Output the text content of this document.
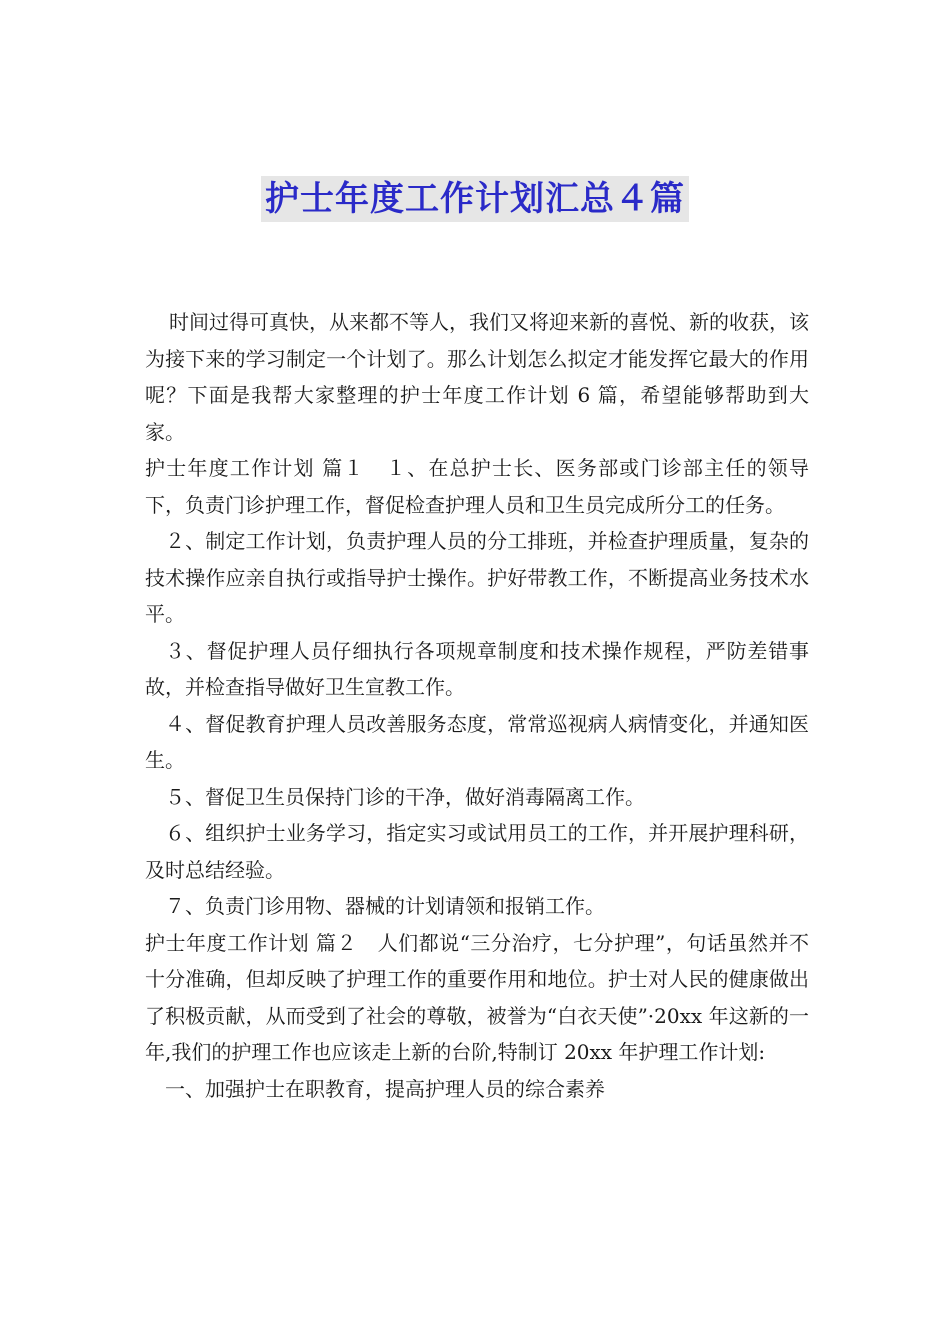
护士年度工作计划汇总４篇

时间过得可真快，从来都不等人，我们又将迎来新的喜悦、新的收获，该为接下来的学习制定一个计划了。那么计划怎么拟定才能发挥它最大的作用呢？下面是我帮大家整理的护士年度工作计划 6 篇，希望能够帮助到大家。

护士年度工作计划 篇１　１、在总护士长、医务部或门诊部主任的领导下，负责门诊护理工作，督促检查护理人员和卫生员完成所分工的任务。

２、制定工作计划，负责护理人员的分工排班，并检查护理质量，复杂的技术操作应亲自执行或指导护士操作。护好带教工作，不断提高业务技术水平。

３、督促护理人员仔细执行各项规章制度和技术操作规程，严防差错事故，并检查指导做好卫生宣教工作。

４、督促教育护理人员改善服务态度，常常巡视病人病情变化，并通知医生。

５、督促卫生员保持门诊的干净，做好消毒隔离工作。

６、组织护士业务学习，指定实习或试用员工的工作，并开展护理科研，及时总结经验。

７、负责门诊用物、器械的计划请领和报销工作。

护士年度工作计划 篇２　人们都说“三分治疗，七分护理”，句话虽然并不十分准确，但却反映了护理工作的重要作用和地位。护士对人民的健康做出了积极贡献，从而受到了社会的尊敬，被誉为“白衣天使”·20xx 年这新的一年,我们的护理工作也应该走上新的台阶,特制订 20xx 年护理工作计划:

一、加强护士在职教育，提高护理人员的综合素养
